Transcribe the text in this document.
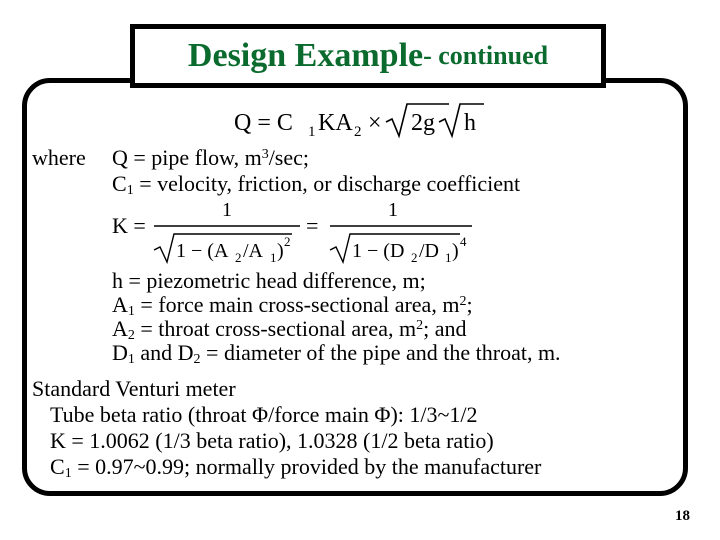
Design Example - continued
Q = C 1 KA 2 × 2g h
where Q = pipe flow, $m^3/\sec$;
$C_1$ = velocity, friction, or discharge coefficient
K =
1
1 − (A 2 /A 1 ) 2
=
1
1 − (D 2 /D 1 ) 4
h = piezometric head difference, m;
$A_1$ = force main cross-sectional area, $m^2$;
$A_2$ = throat cross-sectional area, $m^2$; and
$D_1$ and $D_2$ = diameter of the pipe and the throat, m.
Standard Venturi meter
Tube beta ratio (throat Φ/force main Φ): 1/3~1/2
K = 1.0062 (1/3 beta ratio), 1.0328 (1/2 beta ratio)
$C_1$ = 0.97~0.99; normally provided by the manufacturer
18
